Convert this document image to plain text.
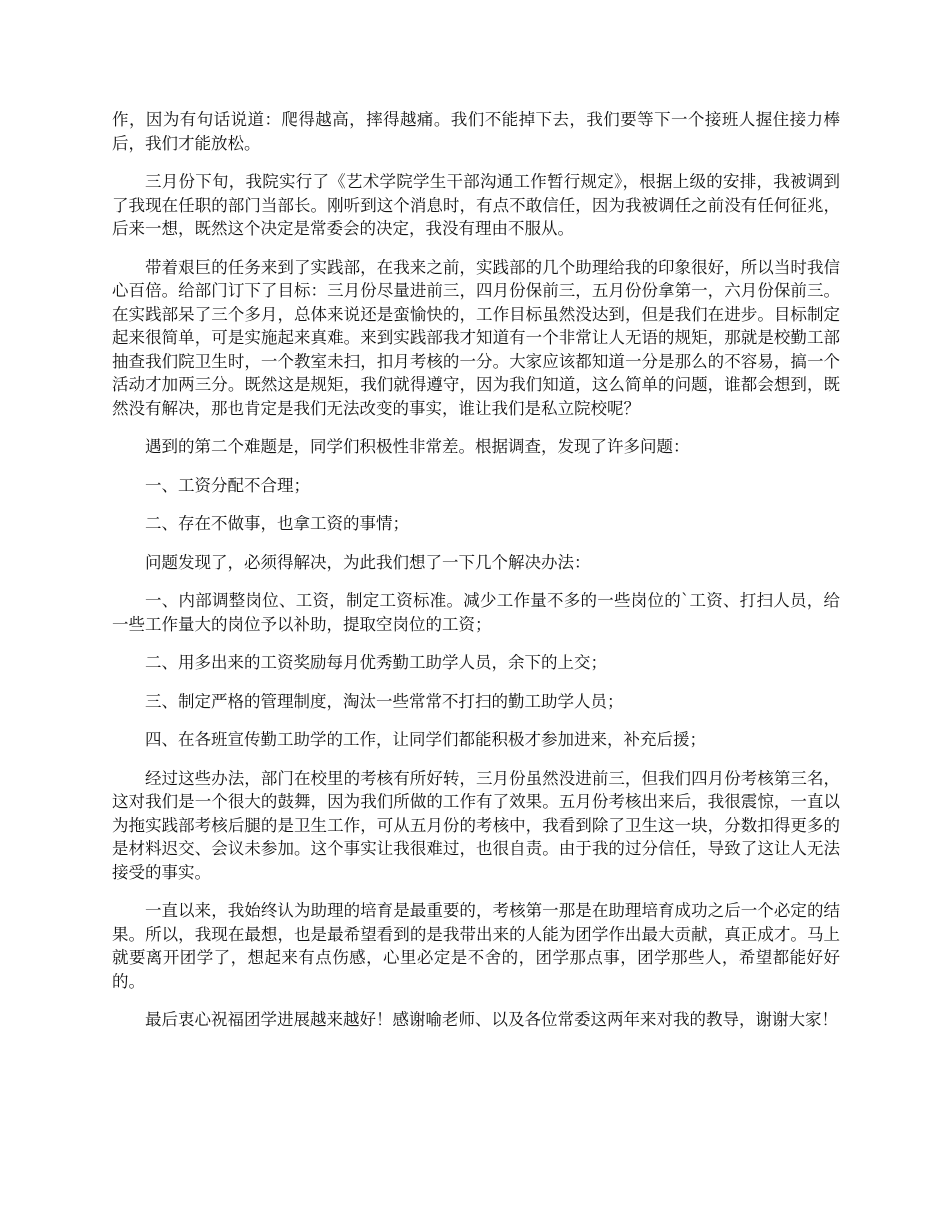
作，因为有句话说道：爬得越高，摔得越痛。我们不能掉下去，我们要等下一个接班人握住接力棒后，我们才能放松。

三月份下旬，我院实行了《艺术学院学生干部沟通工作暂行规定》，根据上级的安排，我被调到了我现在任职的部门当部长。刚听到这个消息时，有点不敢信任，因为我被调任之前没有任何征兆，后来一想，既然这个决定是常委会的决定，我没有理由不服从。

带着艰巨的任务来到了实践部，在我来之前，实践部的几个助理给我的印象很好，所以当时我信心百倍。给部门订下了目标：三月份尽量进前三，四月份保前三，五月份份拿第一，六月份保前三。在实践部呆了三个多月，总体来说还是蛮愉快的，工作目标虽然没达到，但是我们在进步。目标制定起来很简单，可是实施起来真难。来到实践部我才知道有一个非常让人无语的规矩，那就是校勤工部抽查我们院卫生时，一个教室未扫，扣月考核的一分。大家应该都知道一分是那么的不容易，搞一个活动才加两三分。既然这是规矩，我们就得遵守，因为我们知道，这么简单的问题，谁都会想到，既然没有解决，那也肯定是我们无法改变的事实，谁让我们是私立院校呢？

遇到的第二个难题是，同学们积极性非常差。根据调查，发现了许多问题：

一、工资分配不合理；

二、存在不做事，也拿工资的事情；

问题发现了，必须得解决，为此我们想了一下几个解决办法：

一、内部调整岗位、工资，制定工资标准。减少工作量不多的一些岗位的`工资、打扫人员，给一些工作量大的岗位予以补助，提取空岗位的工资；

二、用多出来的工资奖励每月优秀勤工助学人员，余下的上交；

三、制定严格的管理制度，淘汰一些常常不打扫的勤工助学人员；

四、在各班宣传勤工助学的工作，让同学们都能积极才参加进来，补充后援；

经过这些办法，部门在校里的考核有所好转，三月份虽然没进前三，但我们四月份考核第三名，这对我们是一个很大的鼓舞，因为我们所做的工作有了效果。五月份考核出来后，我很震惊，一直以为拖实践部考核后腿的是卫生工作，可从五月份的考核中，我看到除了卫生这一块，分数扣得更多的是材料迟交、会议未参加。这个事实让我很难过，也很自责。由于我的过分信任，导致了这让人无法接受的事实。

一直以来，我始终认为助理的培育是最重要的，考核第一那是在助理培育成功之后一个必定的结果。所以，我现在最想，也是最希望看到的是我带出来的人能为团学作出最大贡献，真正成才。马上就要离开团学了，想起来有点伤感，心里必定是不舍的，团学那点事，团学那些人，希望都能好好的。

最后衷心祝福团学进展越来越好！感谢喻老师、以及各位常委这两年来对我的教导，谢谢大家！
